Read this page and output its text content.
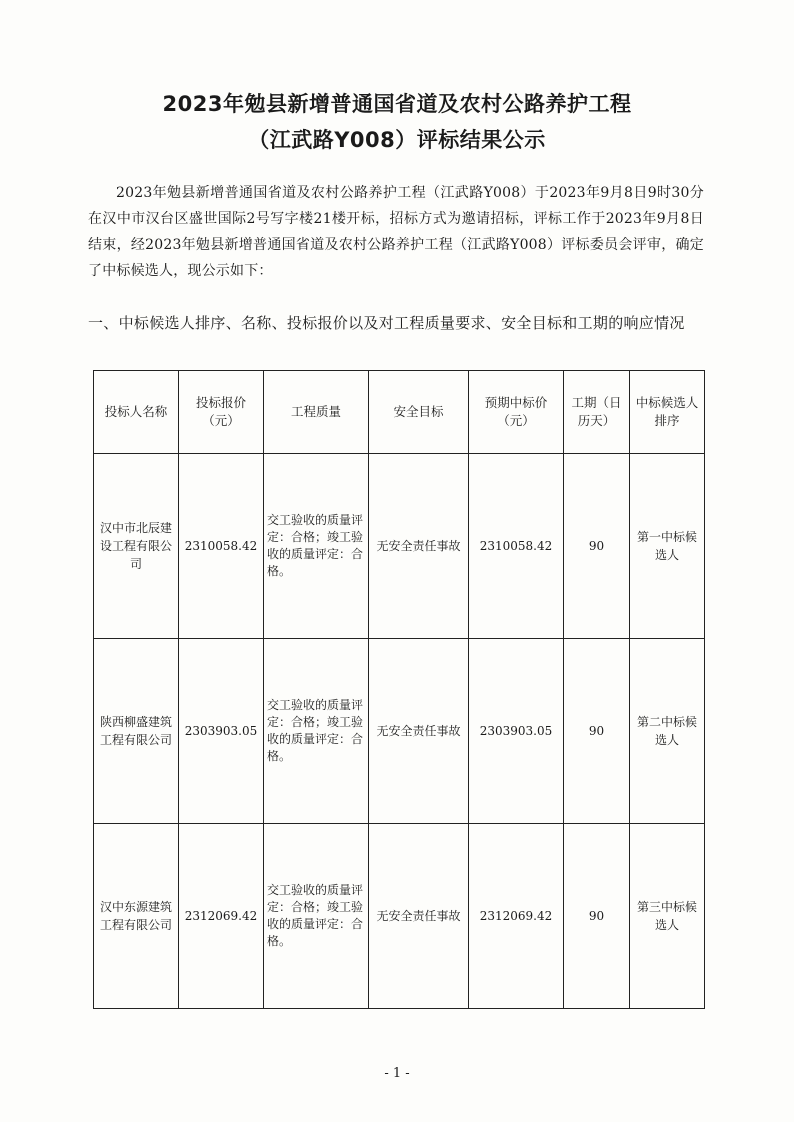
2023年勉县新增普通国省道及农村公路养护工程
（江武路Y008）评标结果公示
2023年勉县新增普通国省道及农村公路养护工程（江武路Y008）于2023年9月8日9时30分在汉中市汉台区盛世国际2号写字楼21楼开标，招标方式为邀请招标，评标工作于2023年9月8日结束，经2023年勉县新增普通国省道及农村公路养护工程（江武路Y008）评标委员会评审，确定了中标候选人，现公示如下：
一、中标候选人排序、名称、投标报价以及对工程质量要求、安全目标和工期的响应情况
投标人名称	投标报价（元）	工程质量	安全目标	预期中标价（元）	工期（日历天）	中标候选人排序
汉中市北辰建设工程有限公司	2310058.42	交工验收的质量评定：合格；竣工验收的质量评定：合格。	无安全责任事故	2310058.42	90	第一中标候选人
陕西柳盛建筑工程有限公司	2303903.05	交工验收的质量评定：合格；竣工验收的质量评定：合格。	无安全责任事故	2303903.05	90	第二中标候选人
汉中东源建筑工程有限公司	2312069.42	交工验收的质量评定：合格；竣工验收的质量评定：合格。	无安全责任事故	2312069.42	90	第三中标候选人
- 1 -
